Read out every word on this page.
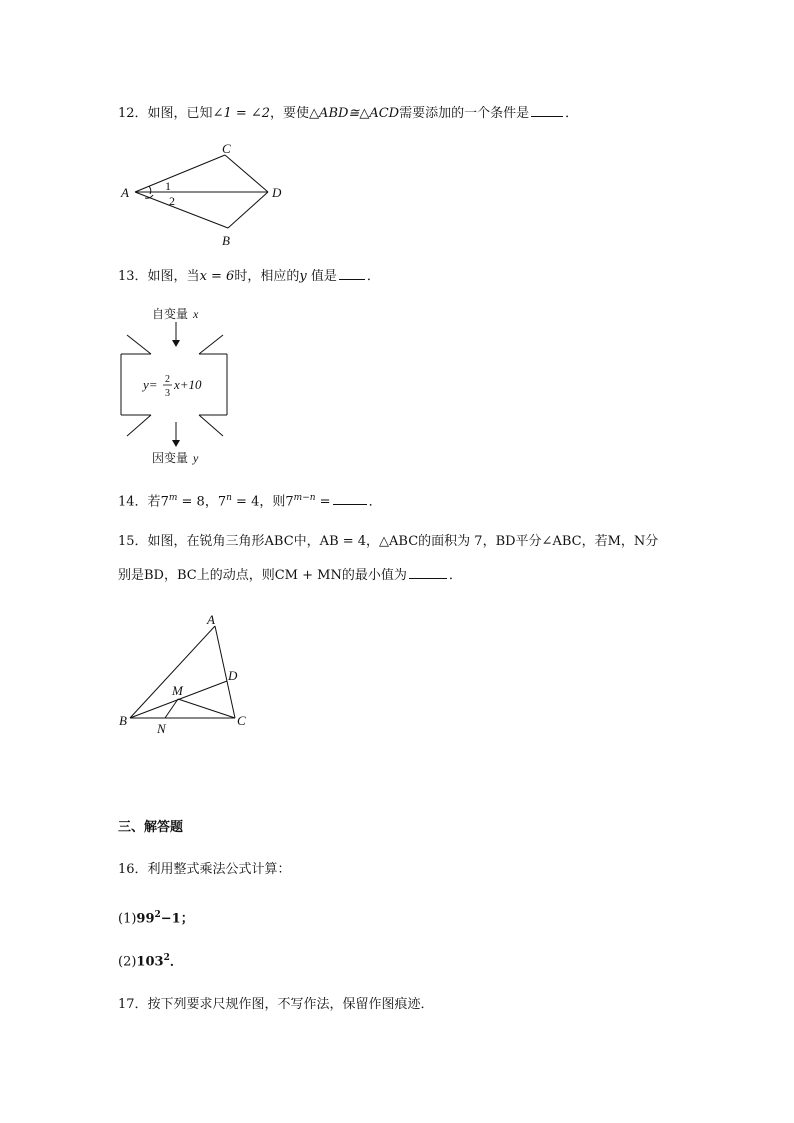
12．如图，已知∠1 = ∠2，要使△ABD≅△ACD需要添加的一个条件是	．
A
B
C
D
1
2
13．如图，当x = 6时，相应的y 值是 ．
自变量 x
y= 2
3
x+10
因变量 y
14．若$7^m = 8$，$7^n = 4$，则$7^{m-n}$ =	．
15．如图，在锐角三角形ABC中，AB = 4，△ABC的面积为 7，BD平分∠ABC，若M，N分
别是BD，BC上的动点，则CM + MN的最小值为	．
A
B	C
D
M
N
三、解答题
16．利用整式乘法公式计算：
$(1)99^2-1$；
$(2)103^2$．
17．按下列要求尺规作图，不写作法，保留作图痕迹．
